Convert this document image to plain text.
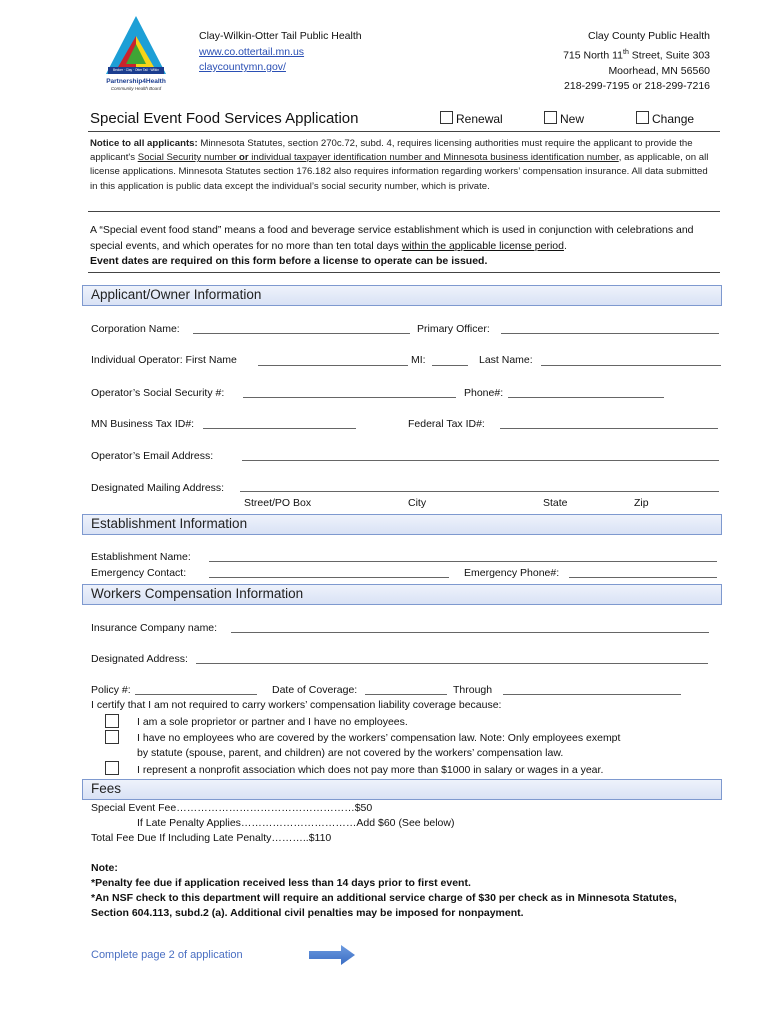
Becker · Clay · Otter Tail · Wilkin
Partnership4Health
Community Health Board
Clay-Wilkin-Otter Tail Public Health
www.co.ottertail.mn.us
claycountymn.gov/
Clay County Public Health
715 North 11th Street, Suite 303
Moorhead, MN 56560
218-299-7195 or 218-299-7216
Special Event Food Services Application	Renewal	New	Change
Notice to all applicants: Minnesota Statutes, section 270c.72, subd. 4, requires licensing authorities must require the applicant to provide the applicant's Social Security number or individual taxpayer identification number and Minnesota business identification number, as applicable, on all license applications. Minnesota Statutes section 176.182 also requires information regarding workers’ compensation insurance. All data submitted in this application is public data except the individual’s social security number, which is private.
A “Special event food stand” means a food and beverage service establishment which is used in conjunction with celebrations and special events, and which operates for no more than ten total days within the applicable license period.
Event dates are required on this form before a license to operate can be issued.
Applicant/Owner Information
Corporation Name:	Primary Officer:
Individual Operator: First Name	MI:	Last Name:
Operator’s Social Security #:	Phone#:
MN Business Tax ID#:	Federal Tax ID#:
Operator’s Email Address:
Designated Mailing Address:
Street/PO Box	City	State	Zip
Establishment Information
Establishment Name:
Emergency Contact:	Emergency Phone#:
Workers Compensation Information
Insurance Company name:
Designated Address:
Policy #:	Date of Coverage:	Through
I certify that I am not required to carry workers’ compensation liability coverage because:
I am a sole proprietor or partner and I have no employees.
I have no employees who are covered by the workers’ compensation law. Note: Only employees exempt
by statute (spouse, parent, and children) are not covered by the workers’ compensation law.
I represent a nonprofit association which does not pay more than $1000 in salary or wages in a year.
Fees
Special Event Fee……………………………………………$50
If Late Penalty Applies……………………………Add $60 (See below)
Total Fee Due If Including Late Penalty………..$110
Note:
*Penalty fee due if application received less than 14 days prior to first event.
*An NSF check to this department will require an additional service charge of $30 per check as in Minnesota Statutes,
Section 604.113, subd.2 (a). Additional civil penalties may be imposed for nonpayment.
Complete page 2 of application
